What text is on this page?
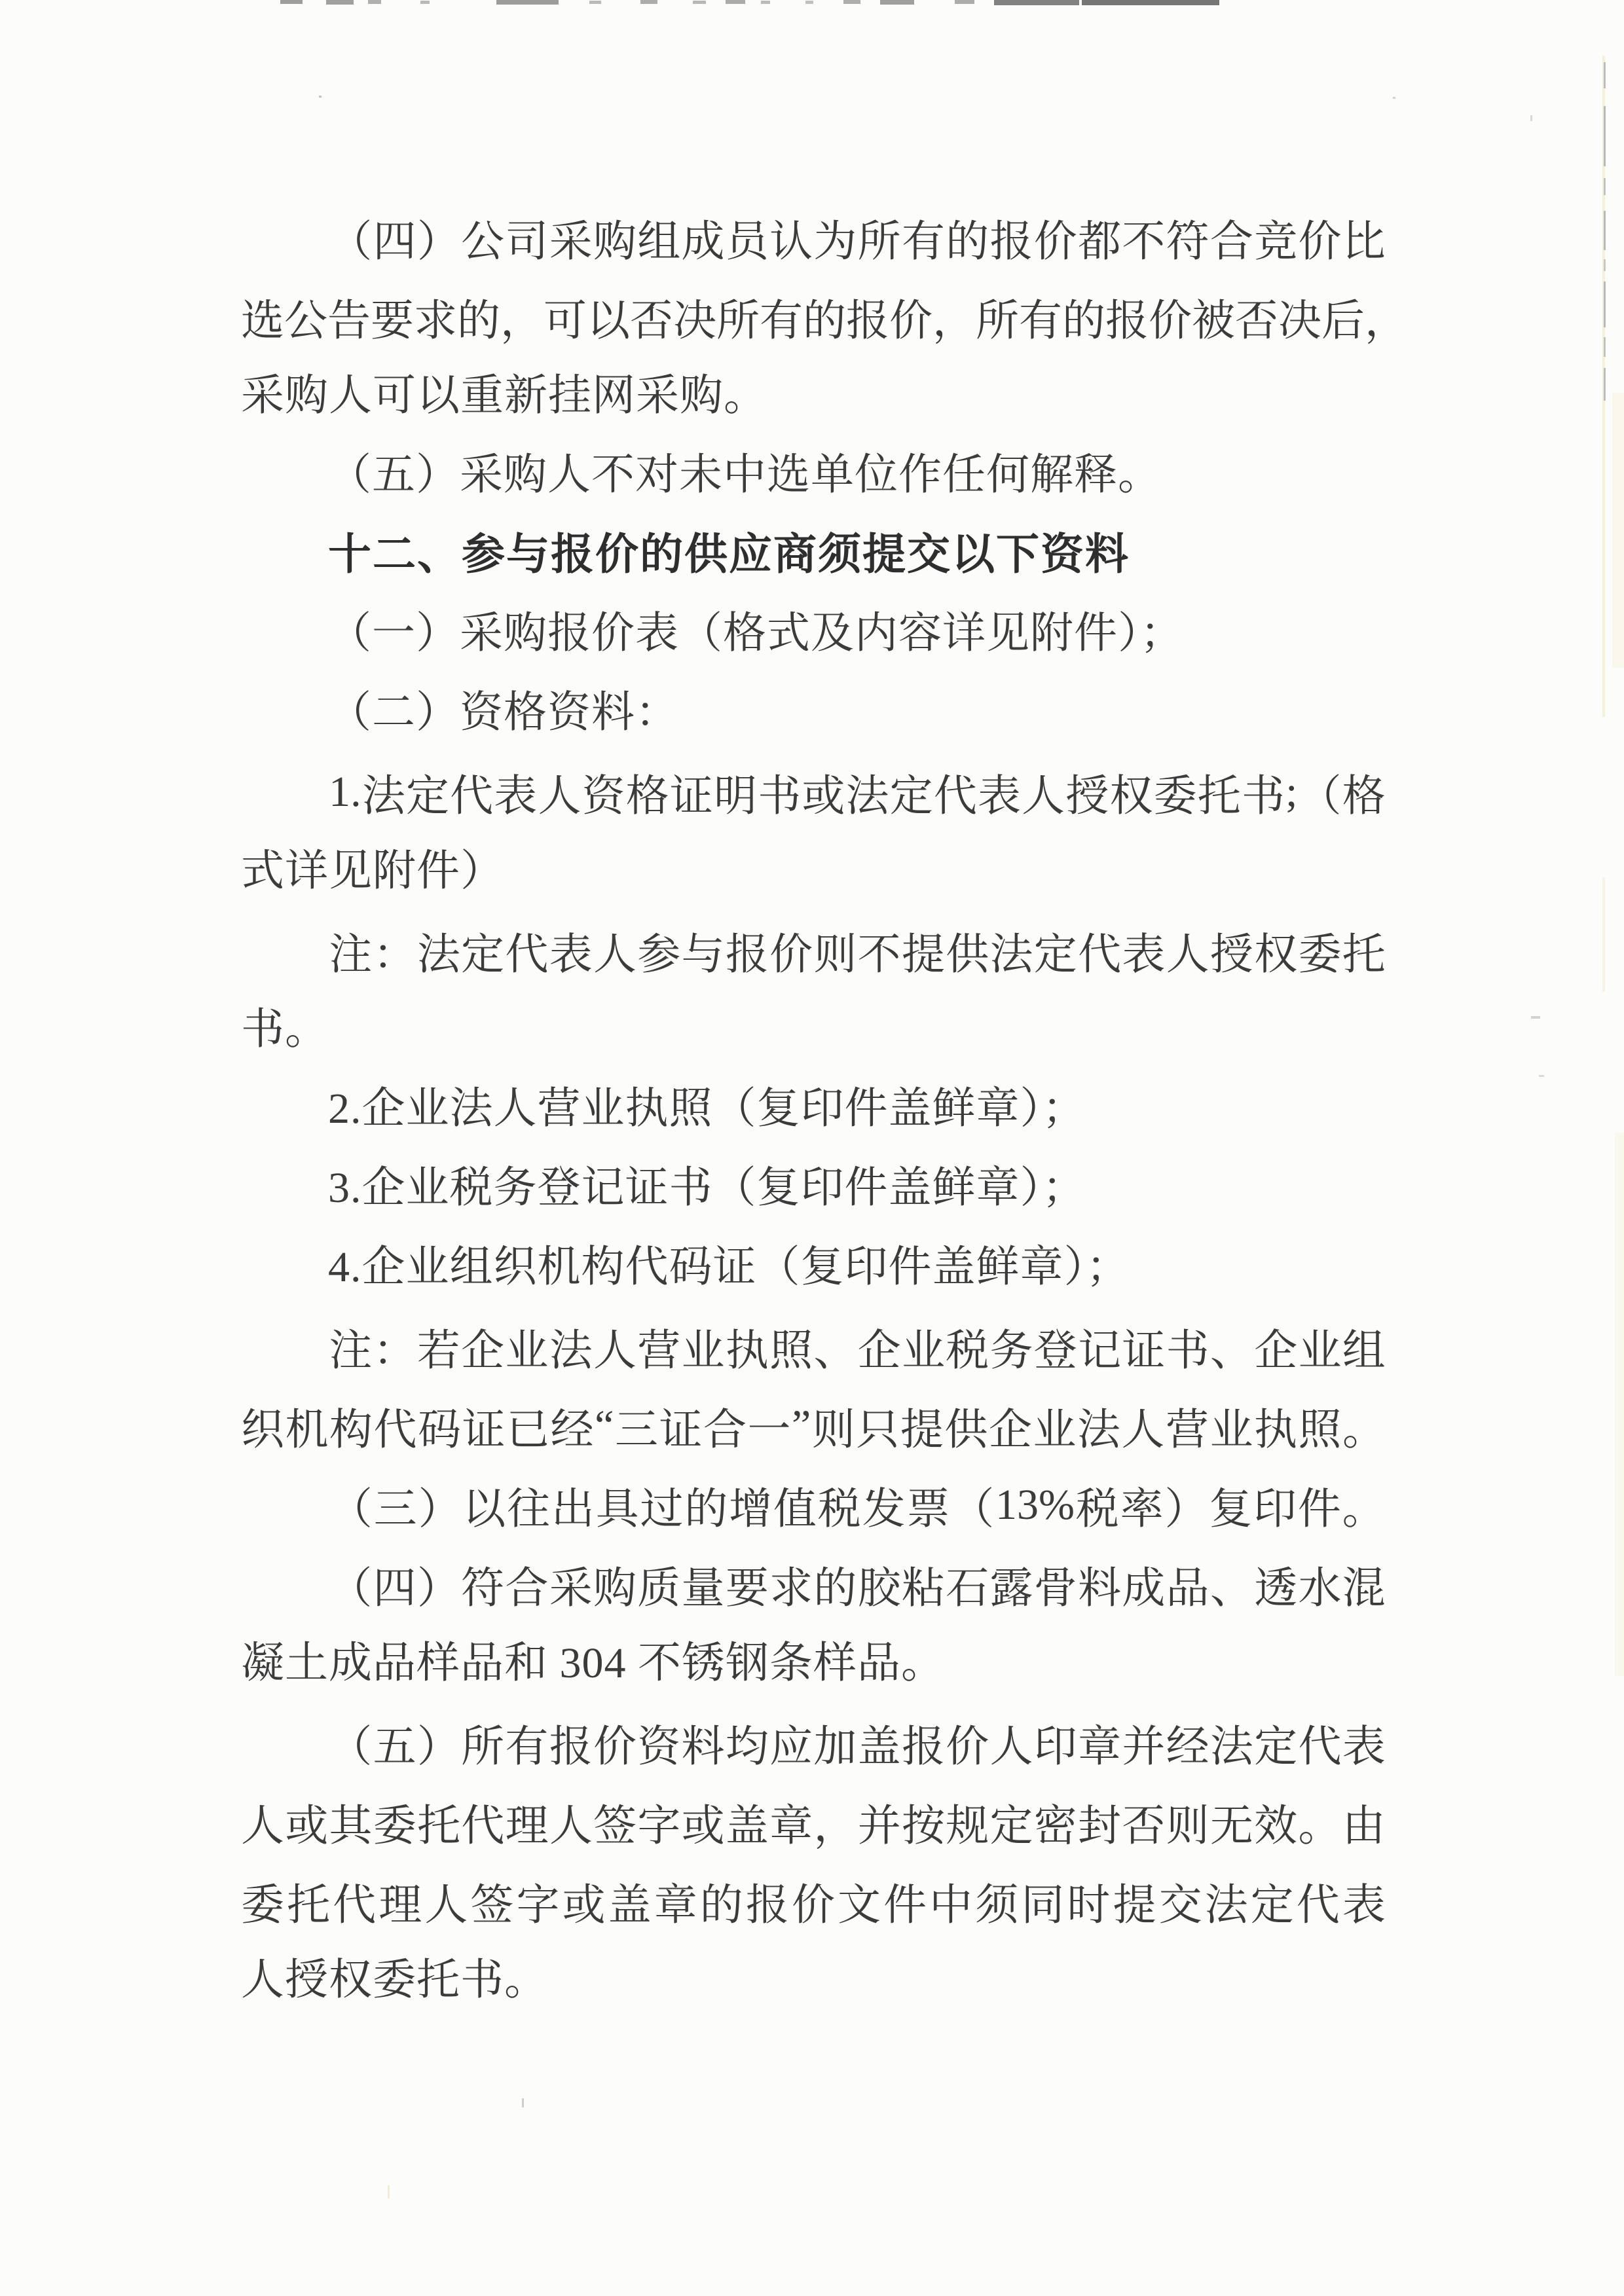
（ 四 ） 公 司 采 购 组 成 员 认 为 所 有 的 报 价 都 不 符 合 竞 价 比
选 公 告 要 求 的 ， 可 以 否 决 所 有 的 报 价 ， 所 有 的 报 价 被 否 决 后 ，
采购人可以重新挂网采购。
（五）采购人不对未中选单位作任何解释。
十二、参与报价的供应商须提交以下资料
（一）采购报价表（格式及内容详见附件）；
（二）资格资料：
1. 法 定 代 表 人 资 格 证 明 书 或 法 定 代 表 人 授 权 委 托 书 ; （ 格
式详见附件）
注 ： 法 定 代 表 人 参 与 报 价 则 不 提 供 法 定 代 表 人 授 权 委 托
书。
2.企业法人营业执照（复印件盖鲜章）；
3.企业税务登记证书（复印件盖鲜章）；
4.企业组织机构代码证（复印件盖鲜章）；
注 ： 若 企 业 法 人 营 业 执 照 、 企 业 税 务 登 记 证 书 、 企 业 组
织 机 构 代 码 证 已 经 “ 三 证 合 一 ” 则 只 提 供 企 业 法 人 营 业 执 照 。
（ 三 ） 以 往 出 具 过 的 增 值 税 发 票 （ 13% 税 率 ） 复 印 件 。
（ 四 ） 符 合 采 购 质 量 要 求 的 胶 粘 石 露 骨 料 成 品 、 透 水 混
凝土成品样品和 304 不锈钢条样品。
（ 五 ） 所 有 报 价 资 料 均 应 加 盖 报 价 人 印 章 并 经 法 定 代 表
人 或 其 委 托 代 理 人 签 字 或 盖 章 ， 并 按 规 定 密 封 否 则 无 效 。 由
委 托 代 理 人 签 字 或 盖 章 的 报 价 文 件 中 须 同 时 提 交 法 定 代 表
人授权委托书。
